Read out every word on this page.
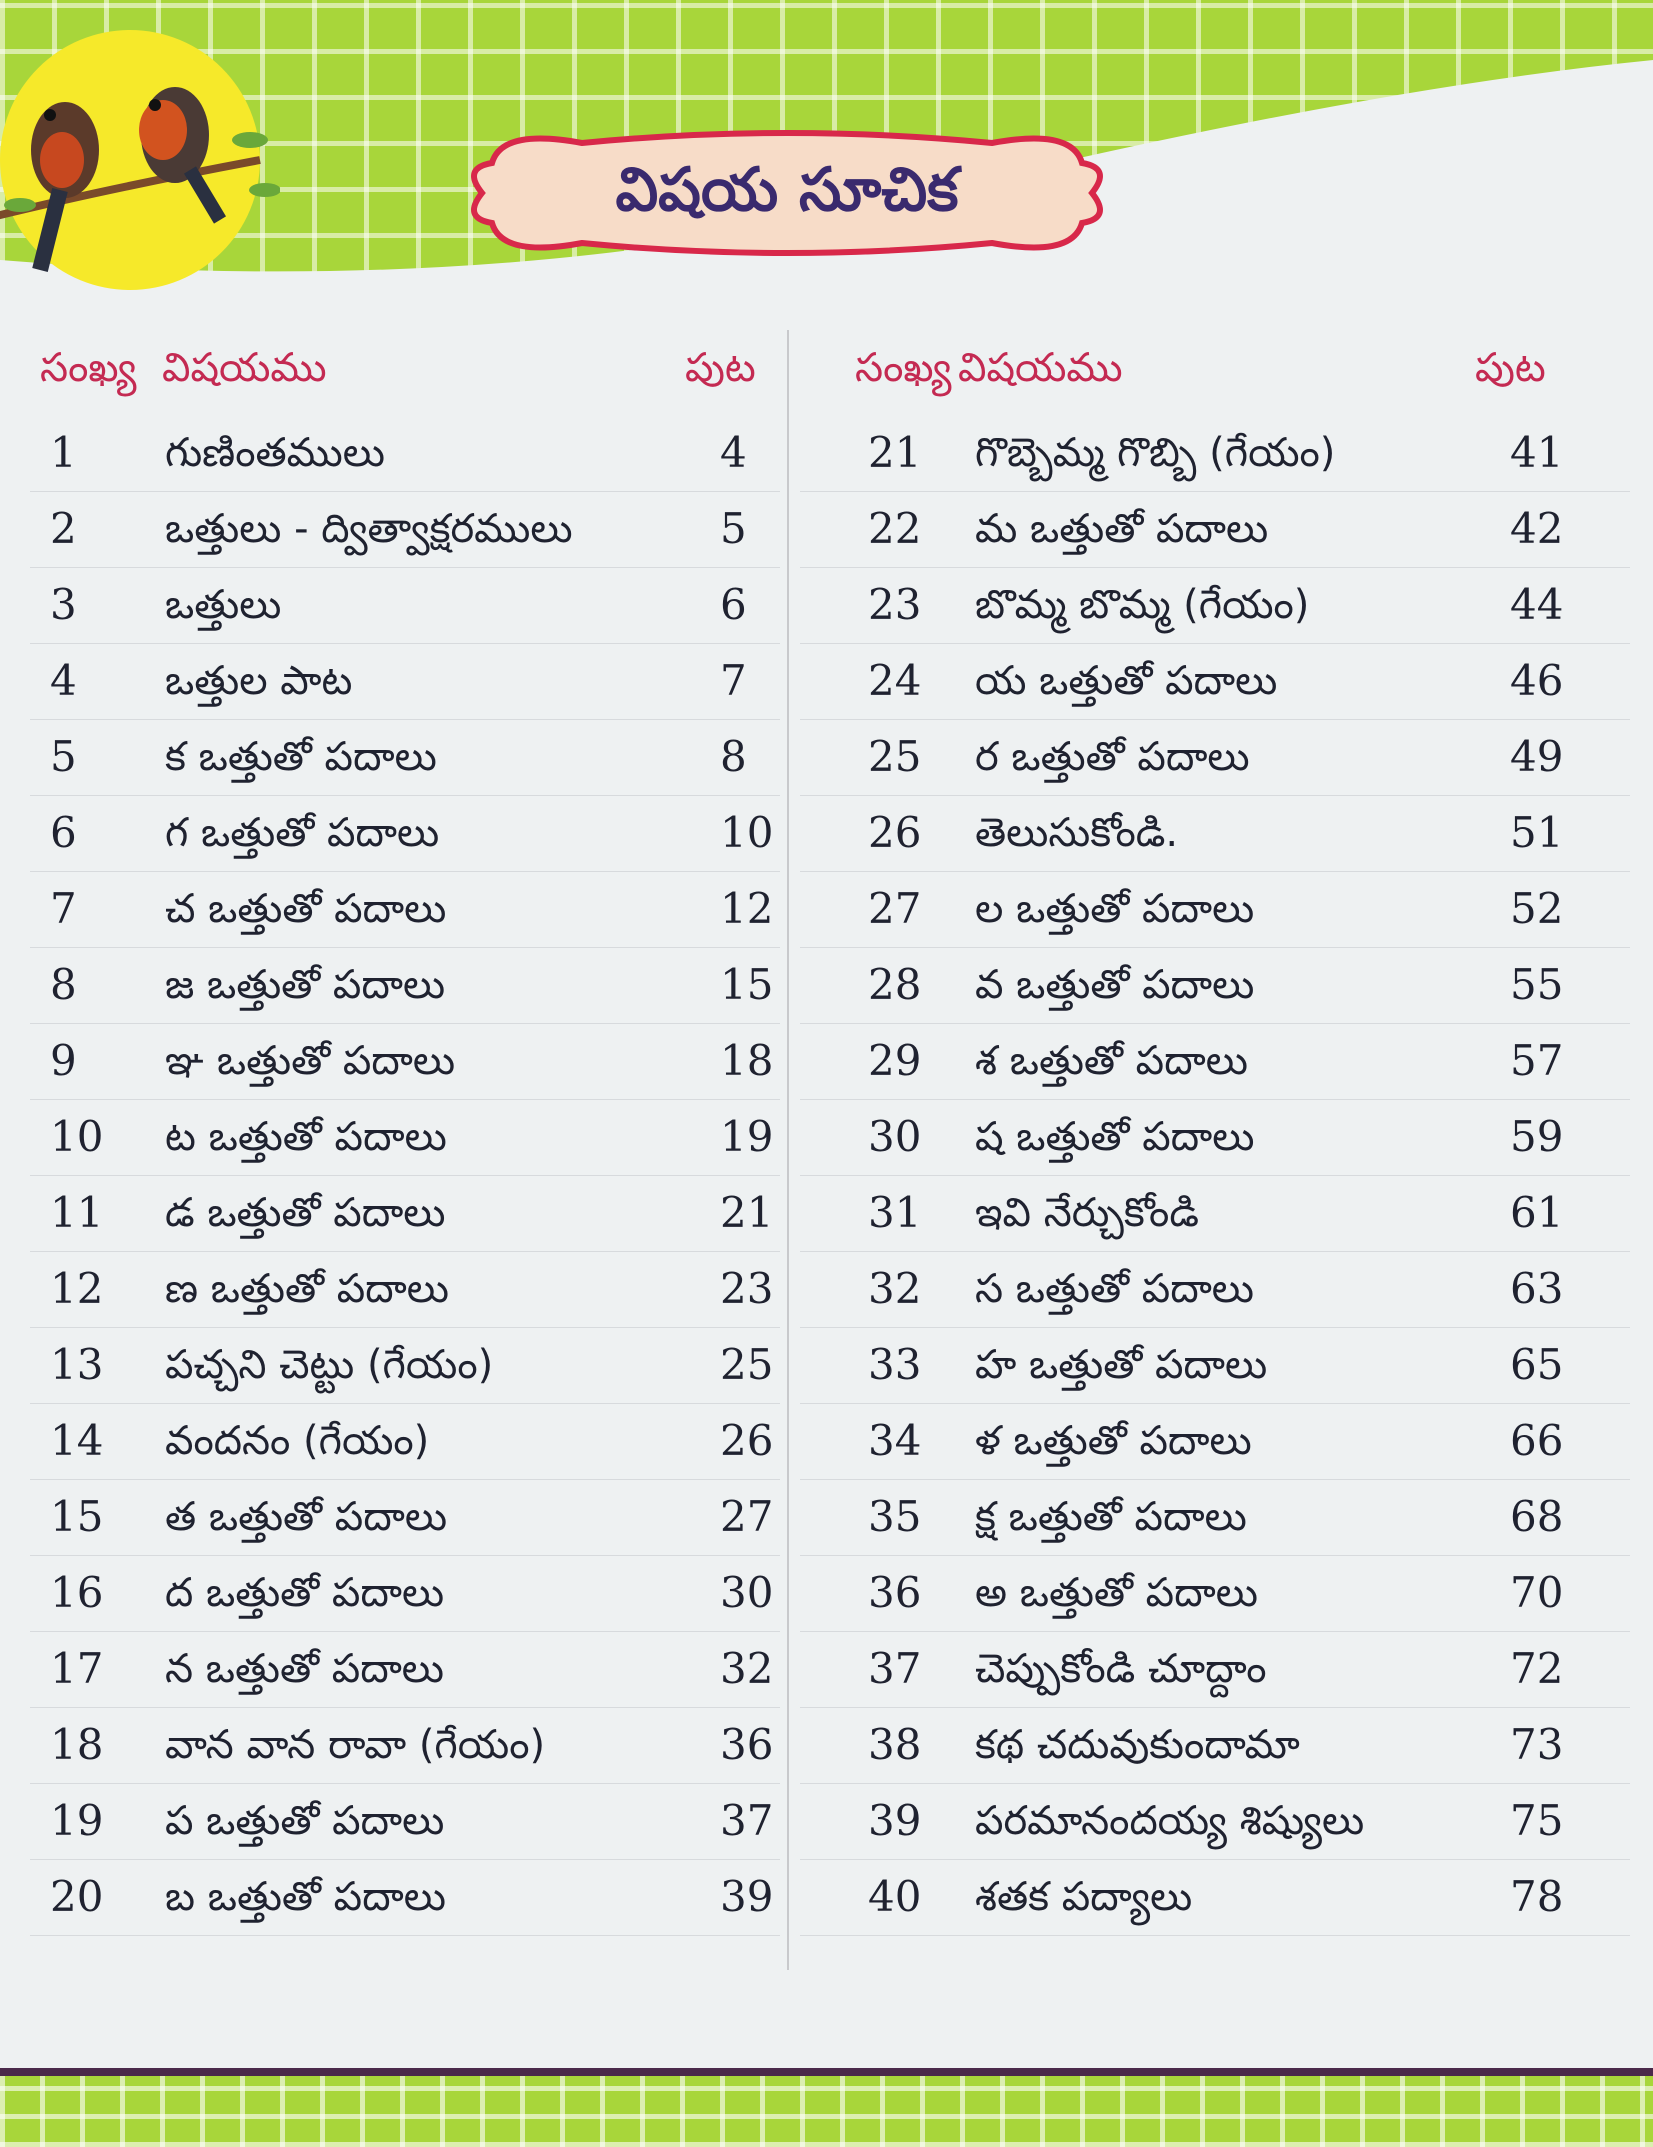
విషయ సూచిక
సంఖ్య విషయము	పుట సంఖ్య విషయము	పుట
1 గుణింతములు	4
2 ఒత్తులు - ద్విత్వాక్షరములు	5
3 ఒత్తులు	6
4 ఒత్తుల పాట	7
5 క ఒత్తుతో పదాలు	8
6 గ ఒత్తుతో పదాలు	10
7 చ ఒత్తుతో పదాలు	12
8 జ ఒత్తుతో పదాలు	15
9 ఞ ఒత్తుతో పదాలు	18
10 ట ఒత్తుతో పదాలు	19
11 డ ఒత్తుతో పదాలు	21
12 ణ ఒత్తుతో పదాలు	23
13 పచ్చని చెట్టు (గేయం)	25
14 వందనం (గేయం)	26
15 త ఒత్తుతో పదాలు	27
16 ద ఒత్తుతో పదాలు	30
17 న ఒత్తుతో పదాలు	32
18 వాన వాన రావా (గేయం)	36
19 ప ఒత్తుతో పదాలు	37
20 బ ఒత్తుతో పదాలు	39
21 గొబ్బెమ్మ గొబ్బి (గేయం)	41
22 మ ఒత్తుతో పదాలు	42
23 బొమ్మ బొమ్మ (గేయం)	44
24 య ఒత్తుతో పదాలు	46
25 ర ఒత్తుతో పదాలు	49
26 తెలుసుకోండి.	51
27 ల ఒత్తుతో పదాలు	52
28 వ ఒత్తుతో పదాలు	55
29 శ ఒత్తుతో పదాలు	57
30 ష ఒత్తుతో పదాలు	59
31 ఇవి నేర్చుకోండి	61
32 స ఒత్తుతో పదాలు	63
33 హ ఒత్తుతో పదాలు	65
34 ళ ఒత్తుతో పదాలు	66
35 క్ష ఒత్తుతో పదాలు	68
36 అ ఒత్తుతో పదాలు	70
37 చెప్పుకోండి చూద్దాం	72
38 కథ చదువుకుందామా	73
39 పరమానందయ్య శిష్యులు	75
40 శతక పద్యాలు	78
